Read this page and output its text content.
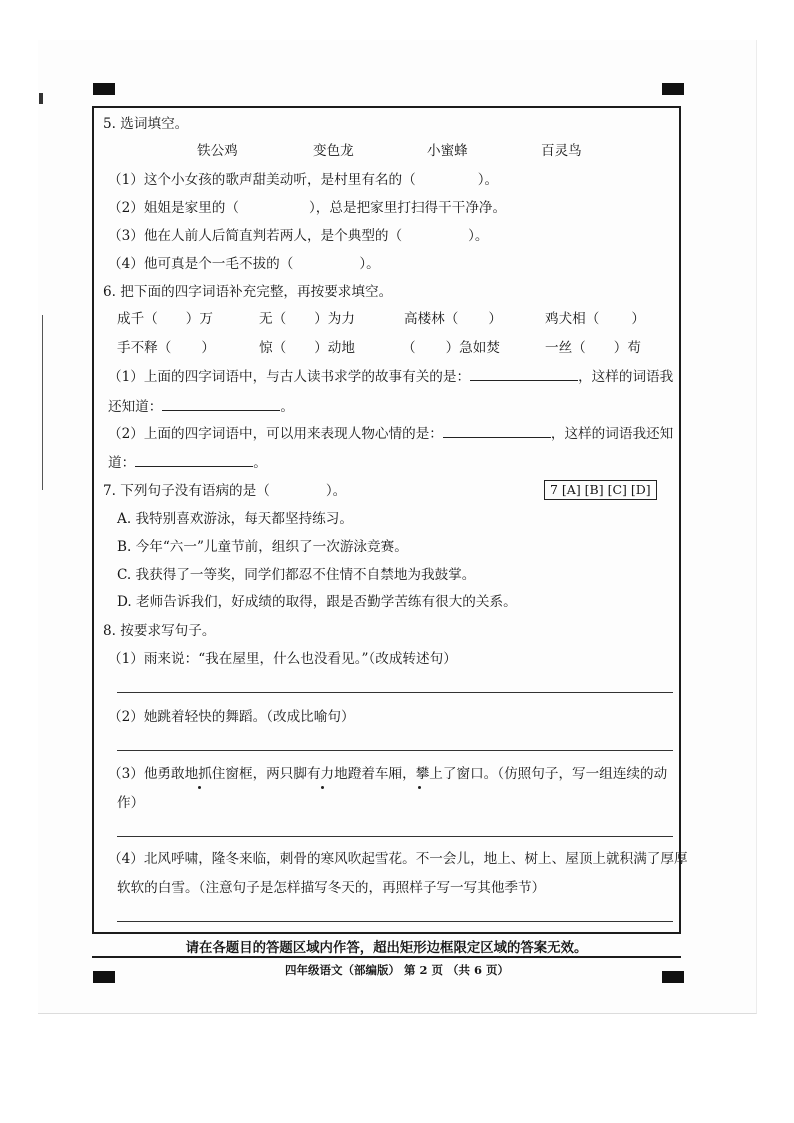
5. 选词填空。
铁公鸡	变色龙	小蜜蜂	百灵鸟
（1）这个小女孩的歌声甜美动听，是村里有名的（	）。
（2）姐姐是家里的（	），总是把家里打扫得干干净净。
（3）他在人前人后简直判若两人，是个典型的（	）。
（4）他可真是个一毛不拔的（	）。
6. 把下面的四字词语补充完整，再按要求填空。
成千（ ）万	无（ ）为力	高楼林（ ）	鸡犬相（ ）
手不释（ ）	惊（ ）动地	（ ）急如焚	一丝（ ）苟
（1）上面的四字词语中，与古人读书求学的故事有关的是：	，这样的词语我
还知道：	。
（2）上面的四字词语中，可以用来表现人物心情的是：	，这样的词语我还知
道：	。
7. 下列句子没有语病的是（	）。	7 [A] [B] [C] [D]
A. 我特别喜欢游泳，每天都坚持练习。
B. 今年“六一”儿童节前，组织了一次游泳竞赛。
C. 我获得了一等奖，同学们都忍不住情不自禁地为我鼓掌。
D. 老师告诉我们，好成绩的取得，跟是否勤学苦练有很大的关系。
8. 按要求写句子。
（1）雨来说：“我在屋里，什么也没看见。”（改成转述句）
（2）她跳着轻快的舞蹈。（改成比喻句）
（3）他勇敢地抓住窗框，两只脚有力地蹬着车厢，攀上了窗口。（仿照句子，写一组连续的动
作）
（4）北风呼啸，隆冬来临，刺骨的寒风吹起雪花。不一会儿，地上、树上、屋顶上就积满了厚厚
软软的白雪。（注意句子是怎样描写冬天的，再照样子写一写其他季节）
请在各题目的答题区域内作答，超出矩形边框限定区域的答案无效。
四年级语文（部编版） 第 2 页 （共 6 页）
